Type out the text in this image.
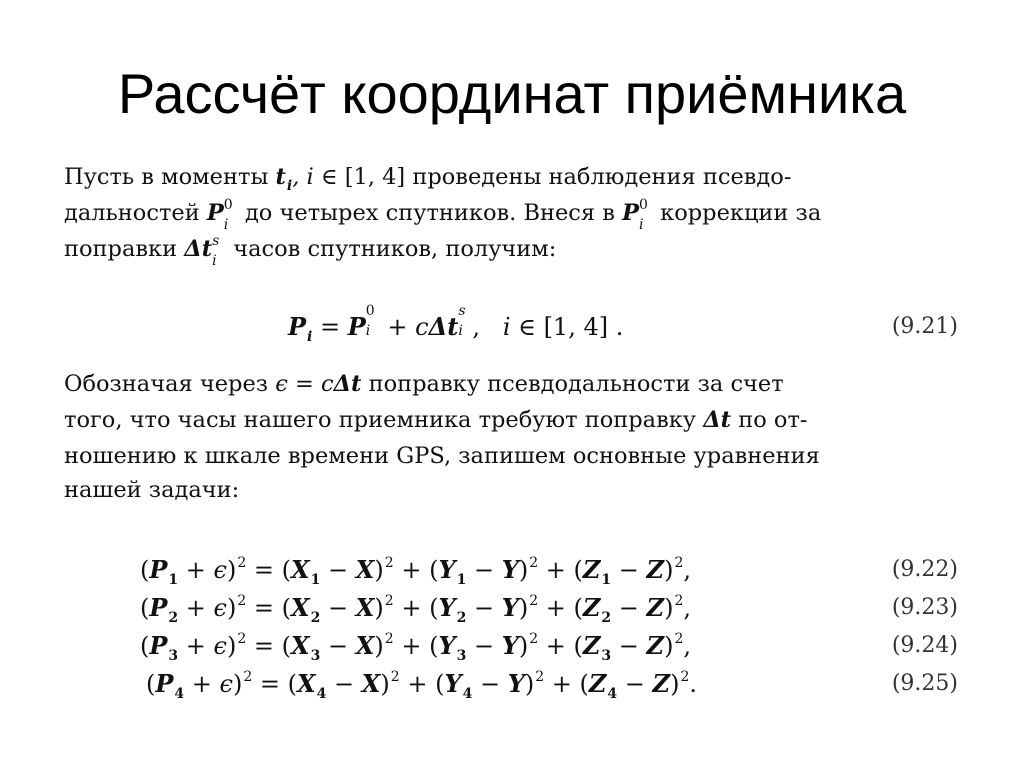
Рассчёт координат приёмника
Пусть в моменты $t_i$, i ∈ [1, 4] проведены наблюдения псевдо-
дальностей P 0
i до четырех спутников. Внеся в P 0
i коррекции за
поправки Δt s
i часов спутников, получим:
$P_i = P$
0
i + cΔt
s
i ,   i ∈ [1, 4] .	(9.21)
Обозначая через ϵ = cΔt поправку псевдодальности за счет
того, что часы нашего приемника требуют поправку Δt по от-
ношению к шкале времени GPS, запишем основные уравнения
нашей задачи:
$(P_1 + \epsilon)^2 = (X_1 - X)^2 + (Y_1 - Y)^2 + (Z_1 - Z)^2$,	(9.22)
$(P_2 + \epsilon)^2 = (X_2 - X)^2 + (Y_2 - Y)^2 + (Z_2 - Z)^2$,	(9.23)
$(P_3 + \epsilon)^2 = (X_3 - X)^2 + (Y_3 - Y)^2 + (Z_3 - Z)^2$,	(9.24)
$(P_4 + \epsilon)^2 = (X_4 - X)^2 + (Y_4 - Y)^2 + (Z_4 - Z)^2$.	(9.25)
